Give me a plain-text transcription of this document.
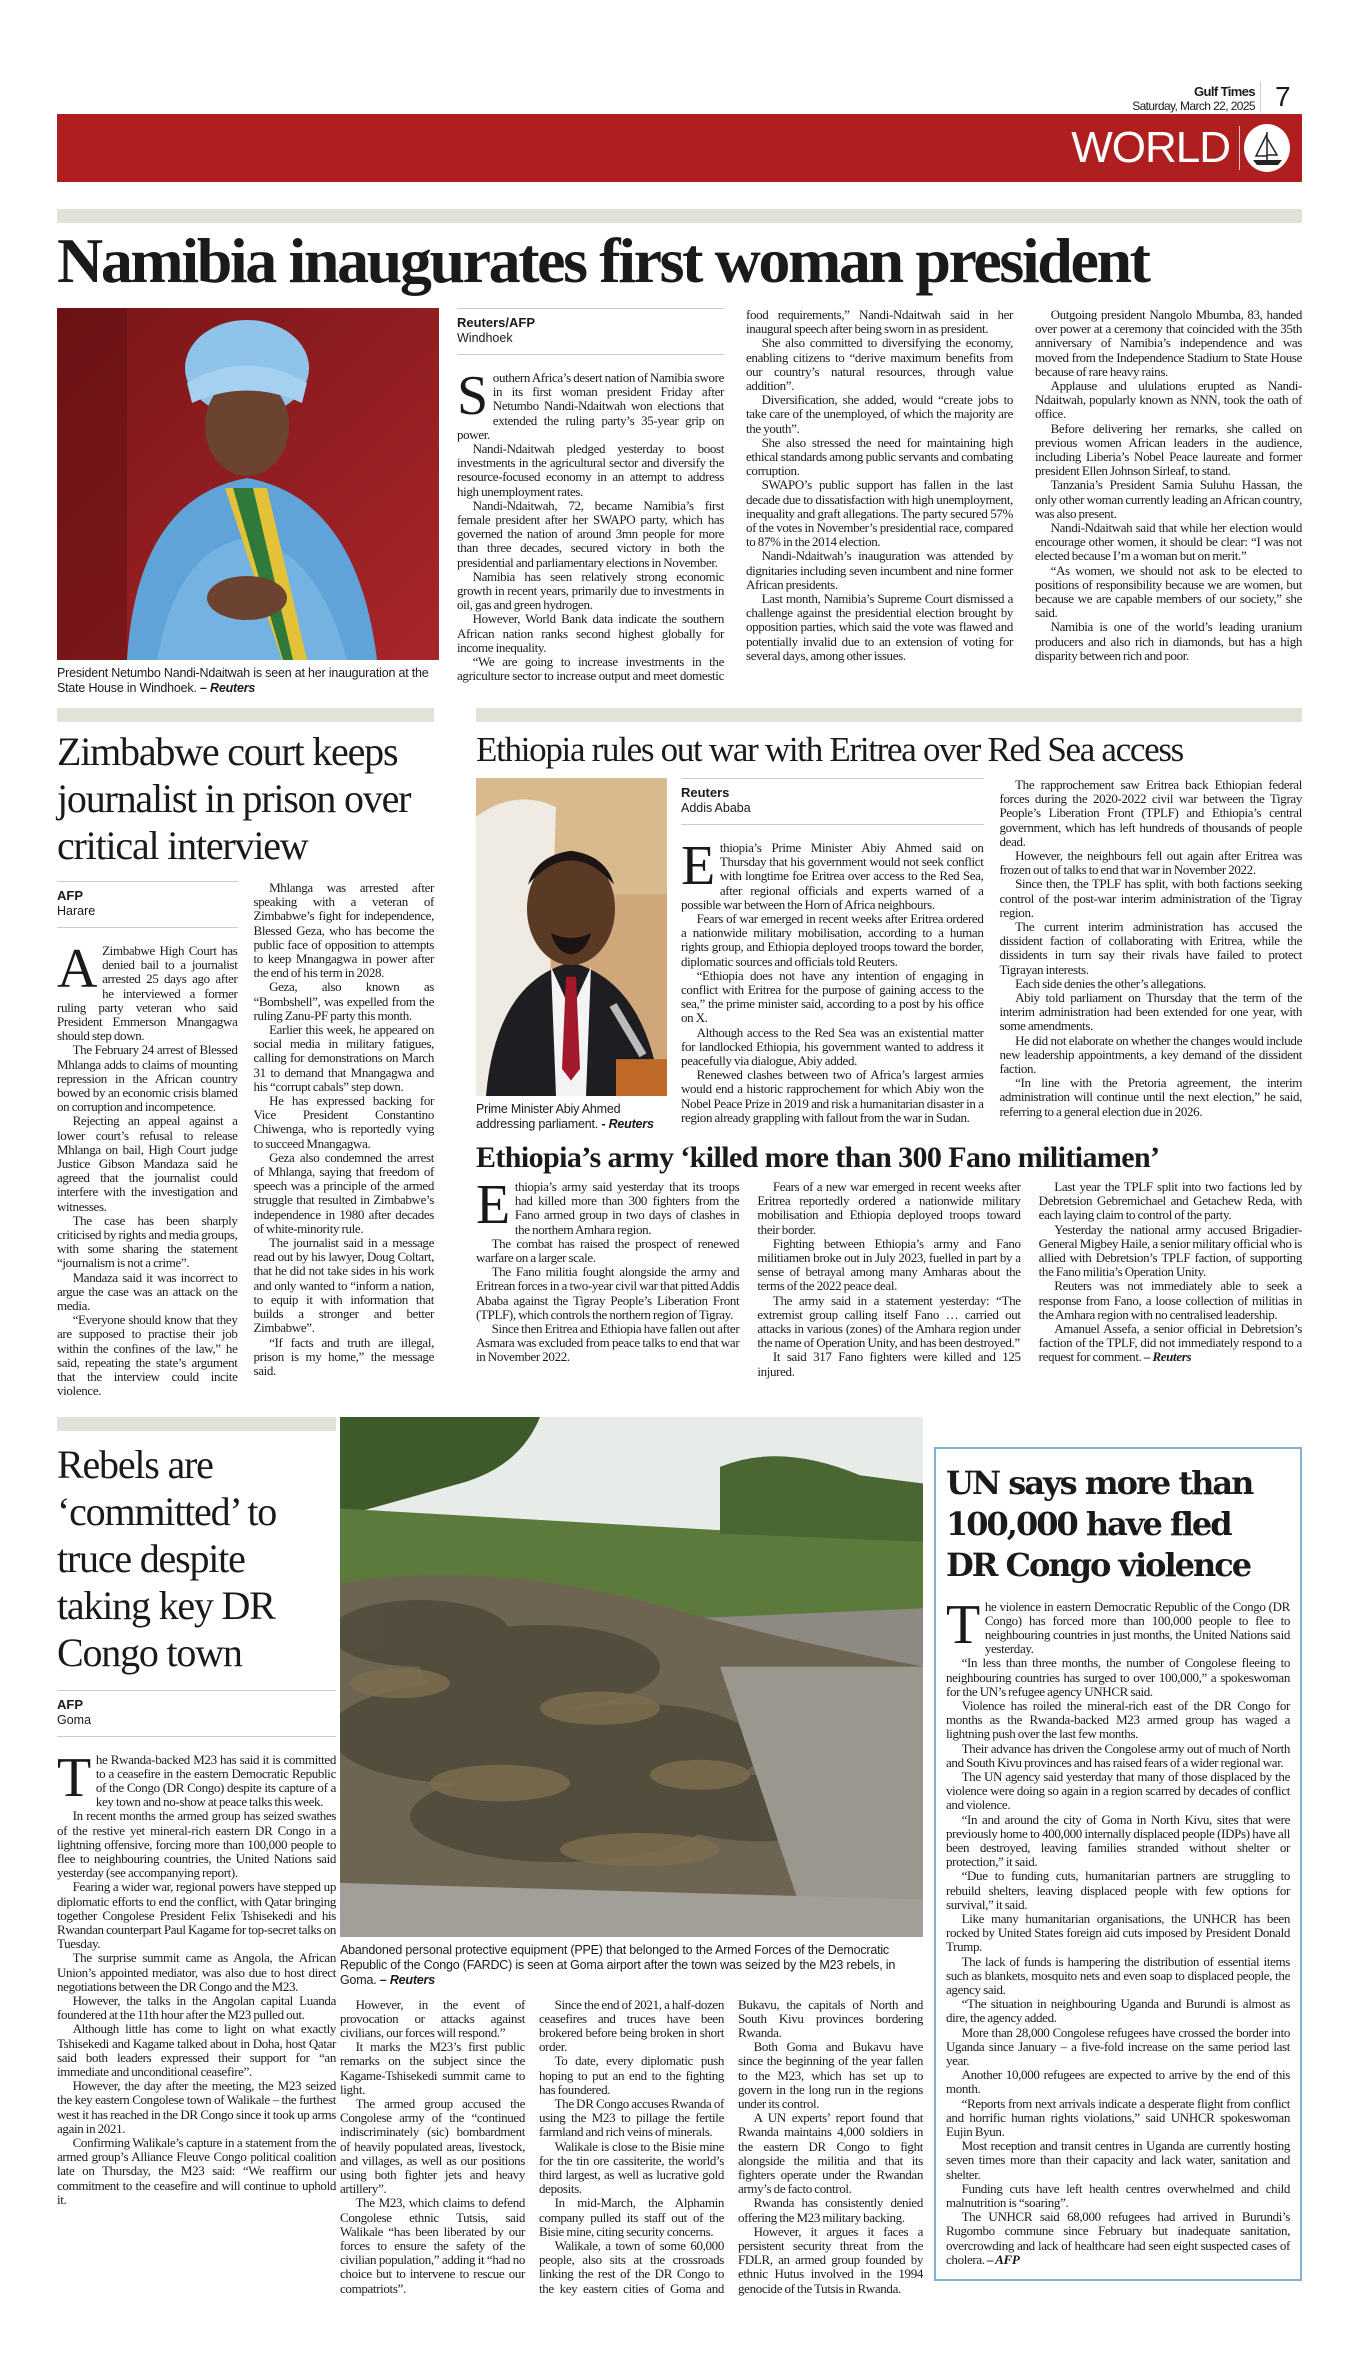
Gulf Times
Saturday, March 22, 2025 7
WORLD
Namibia inaugurates first woman president
President Netumbo Nandi-Ndaitwah is seen at her inauguration at the State House in Windhoek. – Reuters
Reuters/AFP
Windhoek

Southern Africa’s desert nation of Namibia swore in its first woman president Friday after Netumbo Nandi-Ndaitwah won elections that extended the ruling party’s 35-year grip on power.

Nandi-Ndaitwah pledged yesterday to boost investments in the agricultural sector and diversify the resource-focused economy in an attempt to address high unemployment rates.

Nandi-Ndaitwah, 72, became Namibia’s first female president after her SWAPO party, which has governed the nation of around 3mn people for more than three decades, secured victory in both the presidential and parliamentary elections in November.

Namibia has seen relatively strong economic growth in recent years, primarily due to investments in oil, gas and green hydrogen.

However, World Bank data indicate the southern African nation ranks second highest globally for income inequality.

“We are going to increase investments in the agriculture sector to increase output and meet domestic food requirements,” Nandi-Ndaitwah said in her inaugural speech after being sworn in as president.

She also committed to diversifying the economy, enabling citizens to “derive maximum benefits from our country’s natural resources, through value addition”.

Diversification, she added, would “create jobs to take care of the unemployed, of which the majority are the youth”.

She also stressed the need for maintaining high ethical standards among public servants and combating corruption.

SWAPO’s public support has fallen in the last decade due to dissatisfaction with high unemployment, inequality and graft allegations. The party secured 57% of the votes in November’s presidential race, compared to 87% in the 2014 election.

Nandi-Ndaitwah’s inauguration was attended by dignitaries including seven incumbent and nine former African presidents.

Last month, Namibia’s Supreme Court dismissed a challenge against the presidential election brought by opposition parties, which said the vote was flawed and potentially invalid due to an extension of voting for several days, among other issues.

Outgoing president Nangolo Mbumba, 83, handed over power at a ceremony that coincided with the 35th anniversary of Namibia’s independence and was moved from the Independence Stadium to State House because of rare heavy rains.

Applause and ululations erupted as Nandi-Ndaitwah, popularly known as NNN, took the oath of office.

Before delivering her remarks, she called on previous women African leaders in the audience, including Liberia’s Nobel Peace laureate and former president Ellen Johnson Sirleaf, to stand.

Tanzania’s President Samia Suluhu Hassan, the only other woman currently leading an African country, was also present.

Nandi-Ndaitwah said that while her election would encourage other women, it should be clear: “I was not elected because I’m a woman but on merit.”

“As women, we should not ask to be elected to positions of responsibility because we are women, but because we are capable members of our society,” she said.

Namibia is one of the world’s leading uranium producers and also rich in diamonds, but has a high disparity between rich and poor.

Zimbabwe court keeps journalist in prison over critical interview
AFP
Harare

AZimbabwe High Court has denied bail to a journalist arrested 25 days ago after he interviewed a former ruling party veteran who said President Emmerson Mnangagwa should step down.

The February 24 arrest of Blessed Mhlanga adds to claims of mounting repression in the African country bowed by an economic crisis blamed on corruption and incompetence.

Rejecting an appeal against a lower court’s refusal to release Mhlanga on bail, High Court judge Justice Gibson Mandaza said he agreed that the journalist could interfere with the investigation and witnesses.

The case has been sharply criticised by rights and media groups, with some sharing the statement “journalism is not a crime”.

Mandaza said it was incorrect to argue the case was an attack on the media.

“Everyone should know that they are supposed to practise their job within the confines of the law,” he said, repeating the state’s argument that the interview could incite violence.

Mhlanga was arrested after speaking with a veteran of Zimbabwe’s fight for independence, Blessed Geza, who has become the public face of opposition to attempts to keep Mnangagwa in power after the end of his term in 2028.

Geza, also known as “Bombshell”, was expelled from the ruling Zanu-PF party this month.

Earlier this week, he appeared on social media in military fatigues, calling for demonstrations on March 31 to demand that Mnangagwa and his “corrupt cabals” step down.

He has expressed backing for Vice President Constantino Chiwenga, who is reportedly vying to succeed Mnangagwa.

Geza also condemned the arrest of Mhlanga, saying that freedom of speech was a principle of the armed struggle that resulted in Zimbabwe’s independence in 1980 after decades of white-minority rule.

The journalist said in a message read out by his lawyer, Doug Coltart, that he did not take sides in his work and only wanted to “inform a nation, to equip it with information that builds a stronger and better Zimbabwe”.

“If facts and truth are illegal, prison is my home,” the message said.

Ethiopia rules out war with Eritrea over Red Sea access
Prime Minister Abiy Ahmed addressing parliament. - Reuters
Reuters
Addis Ababa

Ethiopia’s Prime Minister Abiy Ahmed said on Thursday that his government would not seek conflict with longtime foe Eritrea over access to the Red Sea, after regional officials and experts warned of a possible war between the Horn of Africa neighbours.

Fears of war emerged in recent weeks after Eritrea ordered a nationwide military mobilisation, according to a human rights group, and Ethiopia deployed troops toward the border, diplomatic sources and officials told Reuters.

“Ethiopia does not have any intention of engaging in conflict with Eritrea for the purpose of gaining access to the sea,” the prime minister said, according to a post by his office on X.

Although access to the Red Sea was an existential matter for landlocked Ethiopia, his government wanted to address it peacefully via dialogue, Abiy added.

Renewed clashes between two of Africa’s largest armies would end a historic rapprochement for which Abiy won the Nobel Peace Prize in 2019 and risk a humanitarian disaster in a region already grappling with fallout from the war in Sudan.

The rapprochement saw Eritrea back Ethiopian federal forces during the 2020-2022 civil war between the Tigray People’s Liberation Front (TPLF) and Ethiopia’s central government, which has left hundreds of thousands of people dead.

However, the neighbours fell out again after Eritrea was frozen out of talks to end that war in November 2022.

Since then, the TPLF has split, with both factions seeking control of the post-war interim administration of the Tigray region.

The current interim administration has accused the dissident faction of collaborating with Eritrea, while the dissidents in turn say their rivals have failed to protect Tigrayan interests.

Each side denies the other’s allegations.

Abiy told parliament on Thursday that the term of the interim administration had been extended for one year, with some amendments.

He did not elaborate on whether the changes would include new leadership appointments, a key demand of the dissident faction.

“In line with the Pretoria agreement, the interim administration will continue until the next election,” he said, referring to a general election due in 2026.

Ethiopia’s army ‘killed more than 300 Fano militiamen’

Ethiopia’s army said yesterday that its troops had killed more than 300 fighters from the Fano armed group in two days of clashes in the northern Amhara region.

The combat has raised the prospect of renewed warfare on a larger scale.

The Fano militia fought alongside the army and Eritrean forces in a two-year civil war that pitted Addis Ababa against the Tigray People’s Liberation Front (TPLF), which controls the northern region of Tigray.

Since then Eritrea and Ethiopia have fallen out after Asmara was excluded from peace talks to end that war in November 2022.

Fears of a new war emerged in recent weeks after Eritrea reportedly ordered a nationwide military mobilisation and Ethiopia deployed troops toward their border.

Fighting between Ethiopia’s army and Fano militiamen broke out in July 2023, fuelled in part by a sense of betrayal among many Amharas about the terms of the 2022 peace deal.

The army said in a statement yesterday: “The extremist group calling itself Fano … carried out attacks in various (zones) of the Amhara region under the name of Operation Unity, and has been destroyed.”

It said 317 Fano fighters were killed and 125 injured.

Last year the TPLF split into two factions led by Debretsion Gebremichael and Getachew Reda, with each laying claim to control of the party.

Yesterday the national army accused Brigadier-General Migbey Haile, a senior military official who is allied with Debretsion’s TPLF faction, of supporting the Fano militia’s Operation Unity.

Reuters was not immediately able to seek a response from Fano, a loose collection of militias in the Amhara region with no centralised leadership.

Amanuel Assefa, a senior official in Debretsion’s faction of the TPLF, did not immediately respond to a request for comment. – Reuters

Rebels are ‘committed’ to truce despite taking key DR Congo town
AFP
Goma

The Rwanda-backed M23 has said it is committed to a ceasefire in the eastern Democratic Republic of the Congo (DR Congo) despite its capture of a key town and no-show at peace talks this week.

In recent months the armed group has seized swathes of the restive yet mineral-rich eastern DR Congo in a lightning offensive, forcing more than 100,000 people to flee to neighbouring countries, the United Nations said yesterday (see accompanying report).

Fearing a wider war, regional powers have stepped up diplomatic efforts to end the conflict, with Qatar bringing together Congolese President Felix Tshisekedi and his Rwandan counterpart Paul Kagame for top-secret talks on Tuesday.

The surprise summit came as Angola, the African Union’s appointed mediator, was also due to host direct negotiations between the DR Congo and the M23.

However, the talks in the Angolan capital Luanda foundered at the 11th hour after the M23 pulled out.

Although little has come to light on what exactly Tshisekedi and Kagame talked about in Doha, host Qatar said both leaders expressed their support for “an immediate and unconditional ceasefire”.

However, the day after the meeting, the M23 seized the key eastern Congolese town of Walikale – the furthest west it has reached in the DR Congo since it took up arms again in 2021.

Confirming Walikale’s capture in a statement from the armed group’s Alliance Fleuve Congo political coalition late on Thursday, the M23 said: “We reaffirm our commitment to the ceasefire and will continue to uphold it.

Abandoned personal protective equipment (PPE) that belonged to the Armed Forces of the Democratic Republic of the Congo (FARDC) is seen at Goma airport after the town was seized by the M23 rebels, in Goma. – Reuters

However, in the event of provocation or attacks against civilians, our forces will respond.”

It marks the M23’s first public remarks on the subject since the Kagame-Tshisekedi summit came to light.

The armed group accused the Congolese army of the “continued indiscriminately (sic) bombardment of heavily populated areas, livestock, and villages, as well as our positions using both fighter jets and heavy artillery”.

The M23, which claims to defend Congolese ethnic Tutsis, said Walikale “has been liberated by our forces to ensure the safety of the civilian population,” adding it “had no choice but to intervene to rescue our compatriots”.

Since the end of 2021, a half-dozen ceasefires and truces have been brokered before being broken in short order.

To date, every diplomatic push hoping to put an end to the fighting has foundered.

The DR Congo accuses Rwanda of using the M23 to pillage the fertile farmland and rich veins of minerals.

Walikale is close to the Bisie mine for the tin ore cassiterite, the world’s third largest, as well as lucrative gold deposits.

In mid-March, the Alphamin company pulled its staff out of the Bisie mine, citing security concerns.

Walikale, a town of some 60,000 people, also sits at the crossroads linking the rest of the DR Congo to the key eastern cities of Goma and Bukavu, the capitals of North and South Kivu provinces bordering Rwanda.

Both Goma and Bukavu have since the beginning of the year fallen to the M23, which has set up to govern in the long run in the regions under its control.

A UN experts’ report found that Rwanda maintains 4,000 soldiers in the eastern DR Congo to fight alongside the militia and that its fighters operate under the Rwandan army’s de facto control.

Rwanda has consistently denied offering the M23 military backing.

However, it argues it faces a persistent security threat from the FDLR, an armed group founded by ethnic Hutus involved in the 1994 genocide of the Tutsis in Rwanda.

UN says more than 100,000 have fled DR Congo violence

The violence in eastern Democratic Republic of the Congo (DR Congo) has forced more than 100,000 people to flee to neighbouring countries in just months, the United Nations said yesterday.

“In less than three months, the number of Congolese fleeing to neighbouring countries has surged to over 100,000,” a spokeswoman for the UN’s refugee agency UNHCR said.

Violence has roiled the mineral-rich east of the DR Congo for months as the Rwanda-backed M23 armed group has waged a lightning push over the last few months.

Their advance has driven the Congolese army out of much of North and South Kivu provinces and has raised fears of a wider regional war.

The UN agency said yesterday that many of those displaced by the violence were doing so again in a region scarred by decades of conflict and violence.

“In and around the city of Goma in North Kivu, sites that were previously home to 400,000 internally displaced people (IDPs) have all been destroyed, leaving families stranded without shelter or protection,” it said.

“Due to funding cuts, humanitarian partners are struggling to rebuild shelters, leaving displaced people with few options for survival,” it said.

Like many humanitarian organisations, the UNHCR has been rocked by United States foreign aid cuts imposed by President Donald Trump.

The lack of funds is hampering the distribution of essential items such as blankets, mosquito nets and even soap to displaced people, the agency said.

“The situation in neighbouring Uganda and Burundi is almost as dire, the agency added.

More than 28,000 Congolese refugees have crossed the border into Uganda since January – a five-fold increase on the same period last year.

Another 10,000 refugees are expected to arrive by the end of this month.

“Reports from next arrivals indicate a desperate flight from conflict and horrific human rights violations,” said UNHCR spokeswoman Eujin Byun.

Most reception and transit centres in Uganda are currently hosting seven times more than their capacity and lack water, sanitation and shelter.

Funding cuts have left health centres overwhelmed and child malnutrition is “soaring”.

The UNHCR said 68,000 refugees had arrived in Burundi’s Rugombo commune since February but inadequate sanitation, overcrowding and lack of healthcare had seen eight suspected cases of cholera. – AFP
